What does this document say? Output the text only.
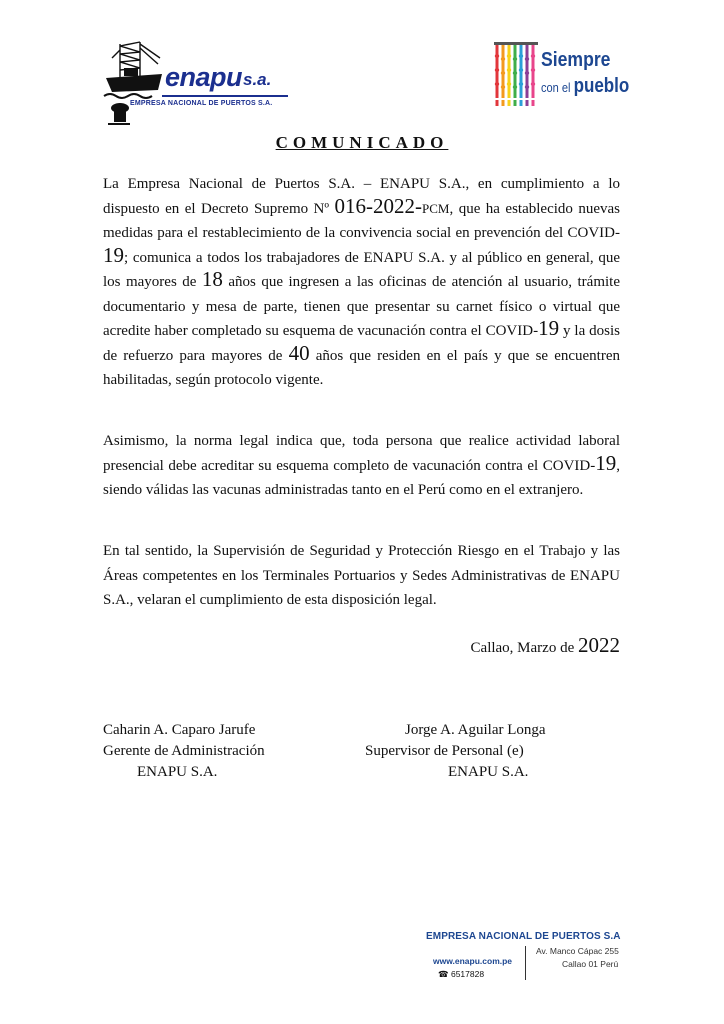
enapu s.a.
EMPRESA NACIONAL DE PUERTOS S.A.
Siempre
con el pueblo
COMUNICADO
La Empresa Nacional de Puertos S.A. – ENAPU S.A., en cumplimiento a lo dispuesto en el Decreto Supremo Nº 016-2022-PCM, que ha establecido nuevas medidas para el restablecimiento de la convivencia social en prevención del COVID-19; comunica a todos los trabajadores de ENAPU S.A. y al público en general, que los mayores de 18 años que ingresen a las oficinas de atención al usuario, trámite documentario y mesa de parte, tienen que presentar su carnet físico o virtual que acredite haber completado su esquema de vacunación contra el COVID-19 y la dosis de refuerzo para mayores de 40 años que residen en el país y que se encuentren habilitadas, según protocolo vigente.
Asimismo, la norma legal indica que, toda persona que realice actividad laboral presencial debe acreditar su esquema completo de vacunación contra el COVID-19, siendo válidas las vacunas administradas tanto en el Perú como en el extranjero.
En tal sentido, la Supervisión de Seguridad y Protección Riesgo en el Trabajo y las Áreas competentes en los Terminales Portuarios y Sedes Administrativas de ENAPU S.A., velaran el cumplimiento de esta disposición legal.
Callao, Marzo de 2022
Caharin A. Caparo Jarufe
Gerente de Administración
ENAPU S.A.
Jorge A. Aguilar Longa
Supervisor de Personal (e)
ENAPU S.A.
EMPRESA NACIONAL DE PUERTOS S.A
www.enapu.com.pe
☎ 6517828
Av. Manco Cápac 255
Callao 01 Perú
